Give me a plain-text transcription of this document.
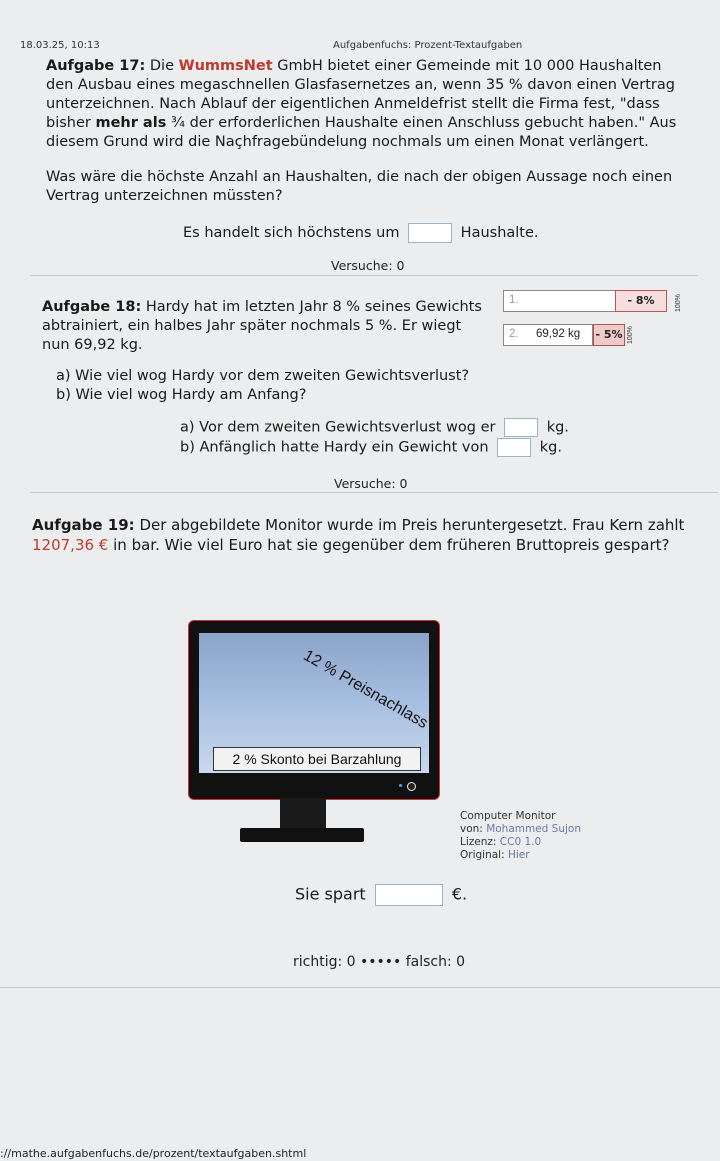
18.03.25, 10:13	Aufgabenfuchs: Prozent-Textaufgaben
Aufgabe 17: Die WummsNet GmbH bietet einer Gemeinde mit 10 000 Haushalten den Ausbau eines megaschnellen Glasfasernetzes an, wenn 35 % davon einen Vertrag unterzeichnen. Nach Ablauf der eigentlichen Anmeldefrist stellt die Firma fest, "dass bisher mehr als ¾ der erforderlichen Haushalte einen Anschluss gebucht haben." Aus diesem Grund wird die Naçhfragebündelung nochmals um einen Monat verlängert.
Was wäre die höchste Anzahl an Haushalten, die nach der obigen Aussage noch einen Vertrag unterzeichnen müssten?
Es handelt sich höchstens um	Haushalte.
Versuche: 0
Aufgabe 18: Hardy hat im letzten Jahr 8 % seines Gewichts abtrainiert, ein halbes Jahr später nochmals 5 %. Er wiegt nun 69,92 kg.
1.	- 8%	100%
2. 69,92 kg - 5% 100%
a) Wie viel wog Hardy vor dem zweiten Gewichtsverlust?
b) Wie viel wog Hardy am Anfang?
a) Vor dem zweiten Gewichtsverlust wog er	kg.
b) Anfänglich hatte Hardy ein Gewicht von	kg.
Versuche: 0
Aufgabe 19: Der abgebildete Monitor wurde im Preis heruntergesetzt. Frau Kern zahlt 1207,36 € in bar. Wie viel Euro hat sie gegenüber dem früheren Bruttopreis gespart?
12 % Preisnachlass
2 % Skonto bei Barzahlung
Computer Monitor
von: Mohammed Sujon
Lizenz: CC0 1.0
Original: Hier
Sie spart	€.
richtig: 0 ••••• falsch: 0
://mathe.aufgabenfuchs.de/prozent/textaufgaben.shtml
